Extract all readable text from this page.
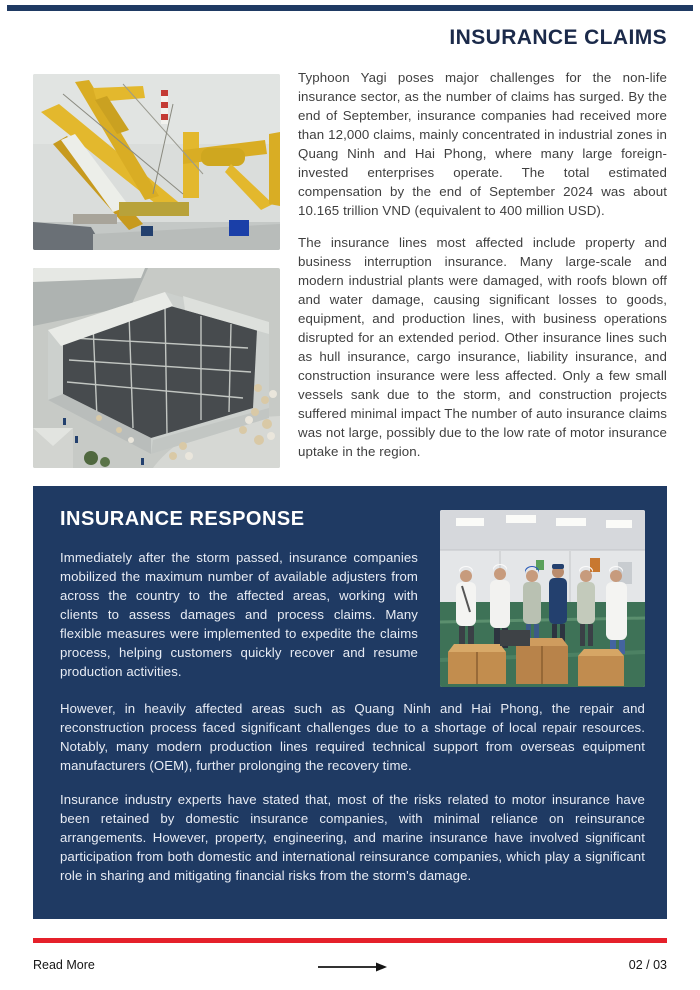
INSURANCE CLAIMS

Typhoon Yagi poses major challenges for the non-life insurance sector, as the number of claims has surged. By the end of September, insurance companies had received more than 12,000 claims, mainly concentrated in industrial zones in Quang Ninh and Hai Phong, where many large foreign-invested enterprises operate. The total estimated compensation by the end of September 2024 was about 10.165 trillion VND (equivalent to 400 million USD).

The insurance lines most affected include property and business interruption insurance. Many large-scale and modern industrial plants were damaged, with roofs blown off and water damage, causing significant losses to goods, equipment, and production lines, with business operations disrupted for an extended period. Other insurance lines such as hull insurance, cargo insurance, liability insurance, and construction insurance were less affected. Only a few small vessels sank due to the storm, and construction projects suffered minimal impact The number of auto insurance claims was not large, possibly due to the low rate of motor insurance uptake in the region.

INSURANCE RESPONSE

Immediately after the storm passed, insurance companies mobilized the maximum number of available adjusters from across the country to the affected areas, working with clients to assess damages and process claims. Many flexible measures were implemented to expedite the claims process, helping customers quickly recover and resume production activities.

However, in heavily affected areas such as Quang Ninh and Hai Phong, the repair and reconstruction process faced significant challenges due to a shortage of local repair resources. Notably, many modern production lines required technical support from overseas equipment manufacturers (OEM), further prolonging the recovery time.

Insurance industry experts have stated that, most of the risks related to motor insurance have been retained by domestic insurance companies, with minimal reliance on reinsurance arrangements. However, property, engineering, and marine insurance have involved significant participation from both domestic and international reinsurance companies, which play a significant role in sharing and mitigating financial risks from the storm's damage.

Read More	02 / 03
